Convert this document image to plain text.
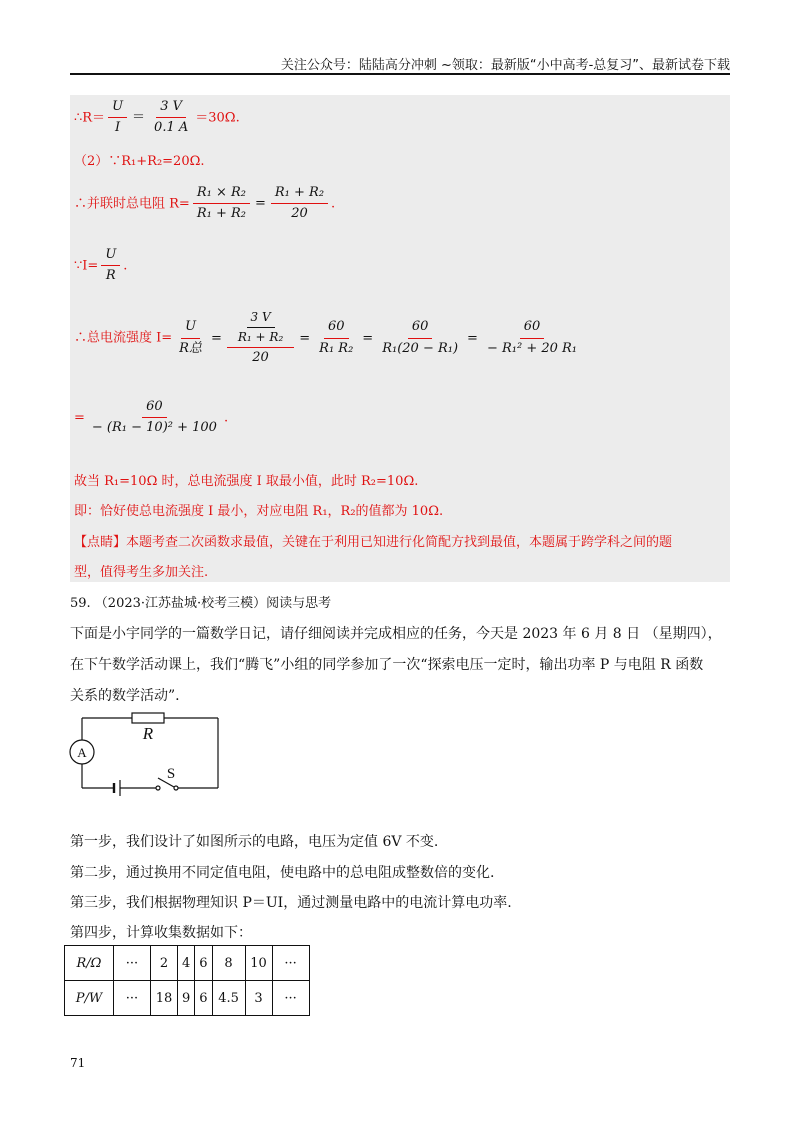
关注公众号：陆陆高分冲刺 ~领取：最新版“小中高考-总复习”、最新试卷下载
∴R＝ $\frac{U}{I} = \frac{3 V}{0.1 A} =30\Omega$.
（2）∵R₁+R₂=20Ω.
∴并联时总电阻 $R= \frac{\text{R₁ × R₂}}{\text{R₁ + R₂}} = \frac{\text{R₁ + R₂}}{20}$ .
∵I= $\frac{U}{R}$ .
∴总电流强度 $I= \frac{U}{\text{R总}} = \frac{\frac{3 V}{\text{R₁ + R₂}}}{20} = \frac{60}{\text{R₁ R₂}} = \frac{60}{\text{R₁(20 − R₁)}} = \frac{60}{\text{− R₁² + 20 R₁}}$
= $\frac{60}{\text{− (R₁ − 10)² + 100}}$ .
故当 R₁=10Ω 时，总电流强度 I 取最小值，此时 R₂=10Ω.
即：恰好使总电流强度 I 最小，对应电阻 R₁，R₂的值都为 10Ω.
【点睛】本题考查二次函数求最值，关键在于利用已知进行化简配方找到最值，本题属于跨学科之间的题
型，值得考生多加关注.
59. （2023·江苏盐城·校考三模）阅读与思考
下面是小宇同学的一篇数学日记，请仔细阅读并完成相应的任务，今天是 2023 年 6 月 8 日 （星期四），
在下午数学活动课上，我们“腾飞”小组的同学参加了一次“探索电压一定时，输出功率 P 与电阻 R 函数
关系的数学活动”.
A
R
S
第一步，我们设计了如图所示的电路，电压为定值 6V 不变.
第二步，通过换用不同定值电阻，使电路中的总电阻成整数倍的变化.
第三步，我们根据物理知识 P＝UI，通过测量电路中的电流计算电功率.
第四步，计算收集数据如下：
R/Ω	···	2	4	6	8	10	···
P/W	···	18	9	6	4.5	3	···
71
